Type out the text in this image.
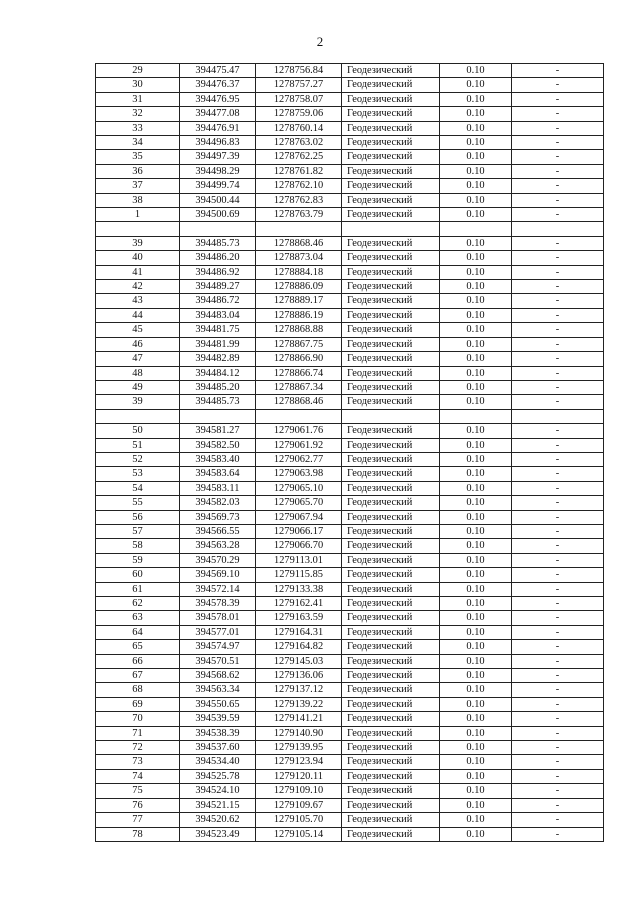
2
29	394475.47	1278756.84	Геодезический	0.10	-
30	394476.37	1278757.27	Геодезический	0.10	-
31	394476.95	1278758.07	Геодезический	0.10	-
32	394477.08	1278759.06	Геодезический	0.10	-
33	394476.91	1278760.14	Геодезический	0.10	-
34	394496.83	1278763.02	Геодезический	0.10	-
35	394497.39	1278762.25	Геодезический	0.10	-
36	394498.29	1278761.82	Геодезический	0.10	-
37	394499.74	1278762.10	Геодезический	0.10	-
38	394500.44	1278762.83	Геодезический	0.10	-
1	394500.69	1278763.79	Геодезический	0.10	-

39	394485.73	1278868.46	Геодезический	0.10	-
40	394486.20	1278873.04	Геодезический	0.10	-
41	394486.92	1278884.18	Геодезический	0.10	-
42	394489.27	1278886.09	Геодезический	0.10	-
43	394486.72	1278889.17	Геодезический	0.10	-
44	394483.04	1278886.19	Геодезический	0.10	-
45	394481.75	1278868.88	Геодезический	0.10	-
46	394481.99	1278867.75	Геодезический	0.10	-
47	394482.89	1278866.90	Геодезический	0.10	-
48	394484.12	1278866.74	Геодезический	0.10	-
49	394485.20	1278867.34	Геодезический	0.10	-
39	394485.73	1278868.46	Геодезический	0.10	-

50	394581.27	1279061.76	Геодезический	0.10	-
51	394582.50	1279061.92	Геодезический	0.10	-
52	394583.40	1279062.77	Геодезический	0.10	-
53	394583.64	1279063.98	Геодезический	0.10	-
54	394583.11	1279065.10	Геодезический	0.10	-
55	394582.03	1279065.70	Геодезический	0.10	-
56	394569.73	1279067.94	Геодезический	0.10	-
57	394566.55	1279066.17	Геодезический	0.10	-
58	394563.28	1279066.70	Геодезический	0.10	-
59	394570.29	1279113.01	Геодезический	0.10	-
60	394569.10	1279115.85	Геодезический	0.10	-
61	394572.14	1279133.38	Геодезический	0.10	-
62	394578.39	1279162.41	Геодезический	0.10	-
63	394578.01	1279163.59	Геодезический	0.10	-
64	394577.01	1279164.31	Геодезический	0.10	-
65	394574.97	1279164.82	Геодезический	0.10	-
66	394570.51	1279145.03	Геодезический	0.10	-
67	394568.62	1279136.06	Геодезический	0.10	-
68	394563.34	1279137.12	Геодезический	0.10	-
69	394550.65	1279139.22	Геодезический	0.10	-
70	394539.59	1279141.21	Геодезический	0.10	-
71	394538.39	1279140.90	Геодезический	0.10	-
72	394537.60	1279139.95	Геодезический	0.10	-
73	394534.40	1279123.94	Геодезический	0.10	-
74	394525.78	1279120.11	Геодезический	0.10	-
75	394524.10	1279109.10	Геодезический	0.10	-
76	394521.15	1279109.67	Геодезический	0.10	-
77	394520.62	1279105.70	Геодезический	0.10	-
78	394523.49	1279105.14	Геодезический	0.10	-
